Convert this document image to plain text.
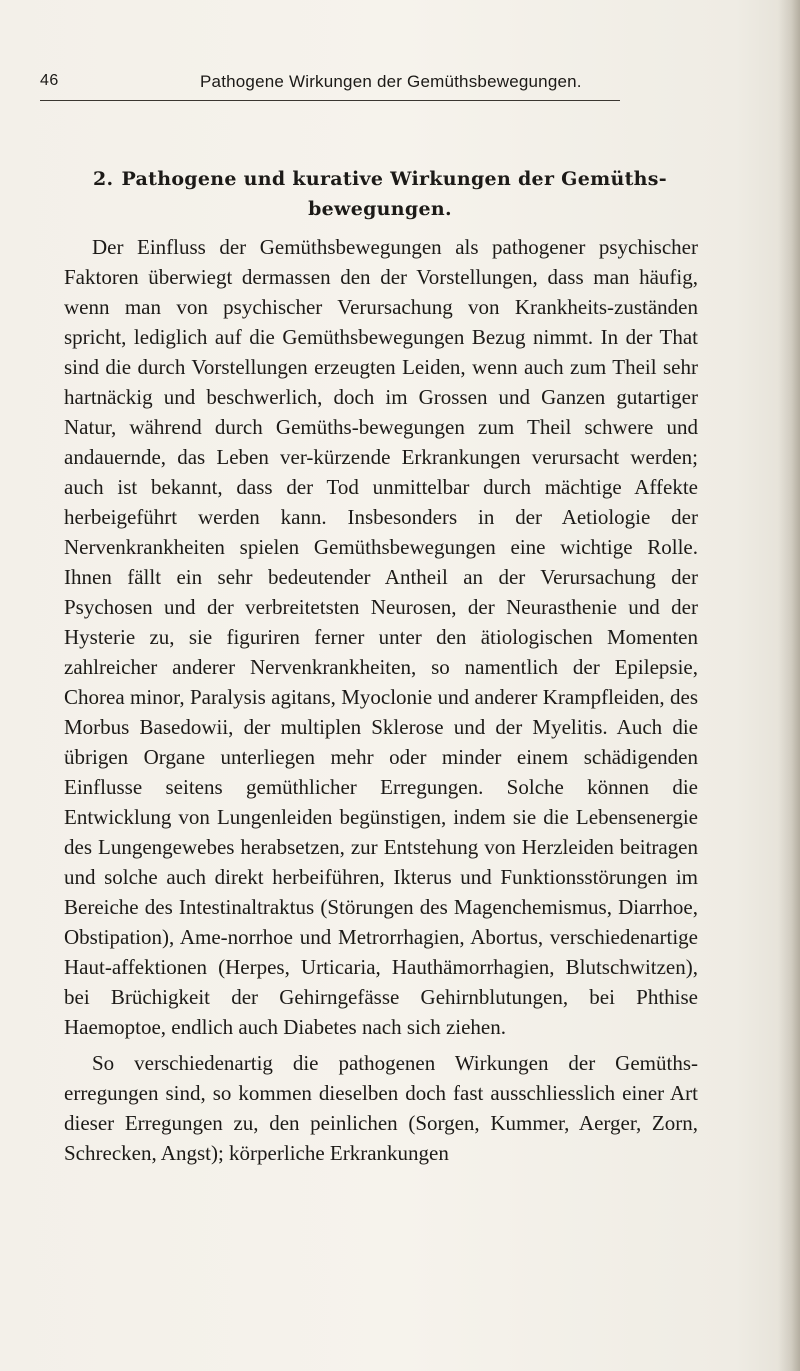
46	Pathogene Wirkungen der Gemüthsbewegungen.
2. Pathogene und kurative Wirkungen der Gemüths-bewegungen.

Der Einfluss der Gemüthsbewegungen als pathogener psychischer Faktoren überwiegt dermassen den der Vorstellungen, dass man häufig, wenn man von psychischer Verursachung von Krankheits-zuständen spricht, lediglich auf die Gemüthsbewegungen Bezug nimmt. In der That sind die durch Vorstellungen erzeugten Leiden, wenn auch zum Theil sehr hartnäckig und beschwerlich, doch im Grossen und Ganzen gutartiger Natur, während durch Gemüths-bewegungen zum Theil schwere und andauernde, das Leben ver-kürzende Erkrankungen verursacht werden; auch ist bekannt, dass der Tod unmittelbar durch mächtige Affekte herbeigeführt werden kann. Insbesonders in der Aetiologie der Nervenkrankheiten spielen Gemüthsbewegungen eine wichtige Rolle. Ihnen fällt ein sehr bedeutender Antheil an der Verursachung der Psychosen und der verbreitetsten Neurosen, der Neurasthenie und der Hysterie zu, sie figuriren ferner unter den ätiologischen Momenten zahlreicher anderer Nervenkrankheiten, so namentlich der Epilepsie, Chorea minor, Paralysis agitans, Myoclonie und anderer Krampfleiden, des Morbus Basedowii, der multiplen Sklerose und der Myelitis. Auch die übrigen Organe unterliegen mehr oder minder einem schädigenden Einflusse seitens gemüthlicher Erregungen. Solche können die Entwicklung von Lungenleiden begünstigen, indem sie die Lebensenergie des Lungengewebes herabsetzen, zur Entstehung von Herzleiden beitragen und solche auch direkt herbeiführen, Ikterus und Funktionsstörungen im Bereiche des Intestinaltraktus (Störungen des Magenchemismus, Diarrhoe, Obstipation), Ame-norrhoe und Metrorrhagien, Abortus, verschiedenartige Haut-affektionen (Herpes, Urticaria, Hauthämorrhagien, Blutschwitzen), bei Brüchigkeit der Gehirngefässe Gehirnblutungen, bei Phthise Haemoptoe, endlich auch Diabetes nach sich ziehen.

So verschiedenartig die pathogenen Wirkungen der Gemüths-erregungen sind, so kommen dieselben doch fast ausschliesslich einer Art dieser Erregungen zu, den peinlichen (Sorgen, Kummer, Aerger, Zorn, Schrecken, Angst); körperliche Erkrankungen
